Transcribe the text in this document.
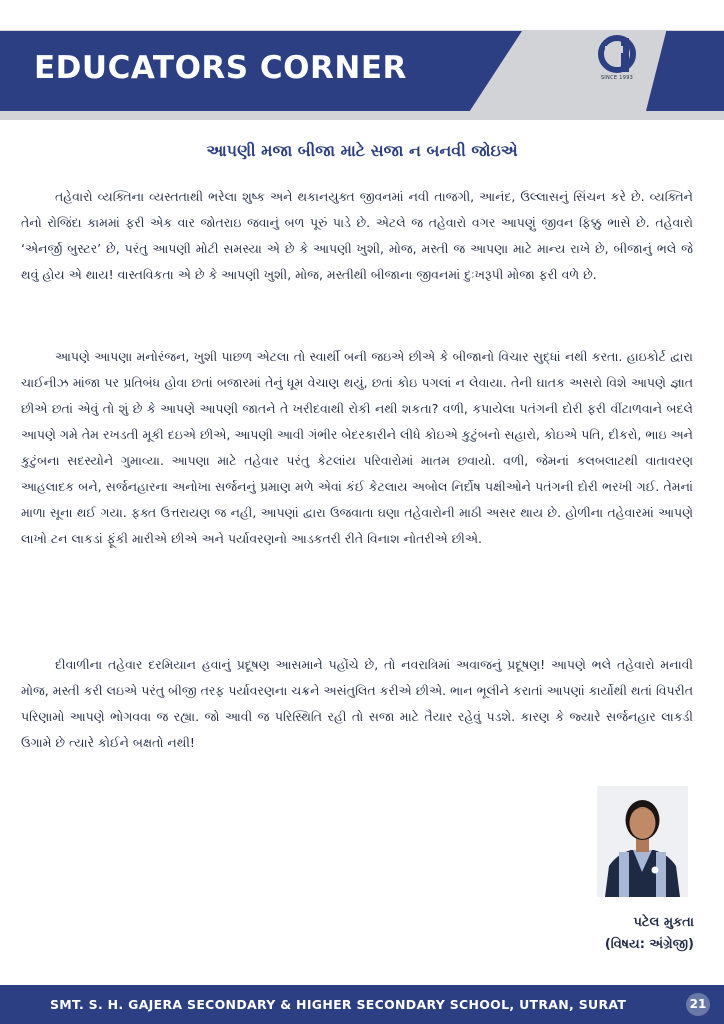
EDUCATORS CORNER	SINCE 1993
આપણી મજા બીજા માટે સજા ન બનવી જોઇએ

તહેવારો વ્યક્તિના વ્યસ્તતાથી ભરેલા શુષ્ક અને થકાનયુક્ત જીવનમાં નવી તાજગી, આનંદ, ઉલ્લાસનું સિંચન કરે છે. વ્યક્તિને તેનો રોજિંદા કામમાં ફરી એક વાર જોતરાઇ જવાનું બળ પૂરું પાડે છે. એટલે જ તહેવારો વગર આપણું જીવન ફિક્કુ ભાસે છે. તહેવારો ‘એનર્જી બુસ્ટર’ છે, પરંતુ આપણી મોટી સમસ્યા એ છે કે આપણી ખુશી, મોજ, મસ્તી જ આપણા માટે માન્ય રાખે છે, બીજાનું ભલે જે થવું હોય એ થાય! વાસ્તવિકતા એ છે કે આપણી ખુશી, મોજ, મસ્તીથી બીજાના જીવનમાં દુઃખરૂપી મોજા ફરી વળે છે.

આપણે આપણા મનોરંજન, ખુશી પાછળ એટલા તો સ્વાર્થી બની જઇએ છીએ કે બીજાનો વિચાર સુદ્ધાં નથી કરતા. હાઇકોર્ટ દ્વારા ચાઈનીઝ માંજા પર પ્રતિબંધ હોવા છતાં બજારમાં તેનું ધૂમ વેચાણ થયું, છતાં કોઇ પગલાં ન લેવાયા. તેની ઘાતક અસરો વિશે આપણે જ્ઞાત છીએ છતાં એવું તો શું છે કે આપણે આપણી જાતને તે ખરીદવાથી રોકી નથી શકતા? વળી, કપાયેલા પતંગની દોરી ફરી વીંટાળવાને બદલે આપણે ગમે તેમ રખડતી મૂકી દઇએ છીએ, આપણી આવી ગંભીર બેદરકારીને લીધે કોઇએ કુટુંબનો સહારો, કોઇએ પતિ, દીકરો, ભાઇ અને કુટુંબના સદસ્યોને ગુમાવ્યા. આપણા માટે તહેવાર પરંતુ કેટલાંય પરિવારોમાં માતમ છવાયો. વળી, જેમનાં કલબલાટથી વાતાવરણ આહલાદક બને, સર્જનહારના અનોખા સર્જનનું પ્રમાણ મળે એવાં કંઈ કેટલાય અબોલ નિર્દોષ પક્ષીઓને પતંગની દોરી ભરખી ગઈ. તેમનાં માળા સૂના થઈ ગયા. ફક્ત ઉત્તરાયણ જ નહી, આપણાં દ્વારા ઉજવાતા ઘણા તહેવારોની માઠી અસર થાય છે. હોળીના તહેવારમાં આપણે લાખો ટન લાકડાં ફૂંકી મારીએ છીએ અને પર્યાવરણનો આડકતરી રીતે વિનાશ નોતરીએ છીએ.

દીવાળીના તહેવાર દરમિયાન હવાનું પ્રદૂષણ આસમાને પહોંચે છે, તો નવરાત્રિમાં અવાજનું પ્રદૂષણ! આપણે ભલે તહેવારો મનાવી મોજ, મસ્તી કરી લઇએ પરંતુ બીજી તરફ પર્યાવરણના ચક્રને અસંતુલિત કરીએ છીએ. ભાન ભૂલીને કરાતાં આપણાં કાર્યોથી થતાં વિપરીત પરિણામો આપણે ભોગવવા જ રહ્યા. જો આવી જ પરિસ્થિતિ રહી તો સજા માટે તૈયાર રહેવું પડશે. કારણ કે જ્યારે સર્જનહાર લાકડી ઉગામે છે ત્યારે કોઈને બક્ષતો નથી!

પટેલ મુકતા
(વિષય: અંગ્રેજી)
SMT. S. H. GAJERA SECONDARY & HIGHER SECONDARY SCHOOL, UTRAN, SURAT	21
